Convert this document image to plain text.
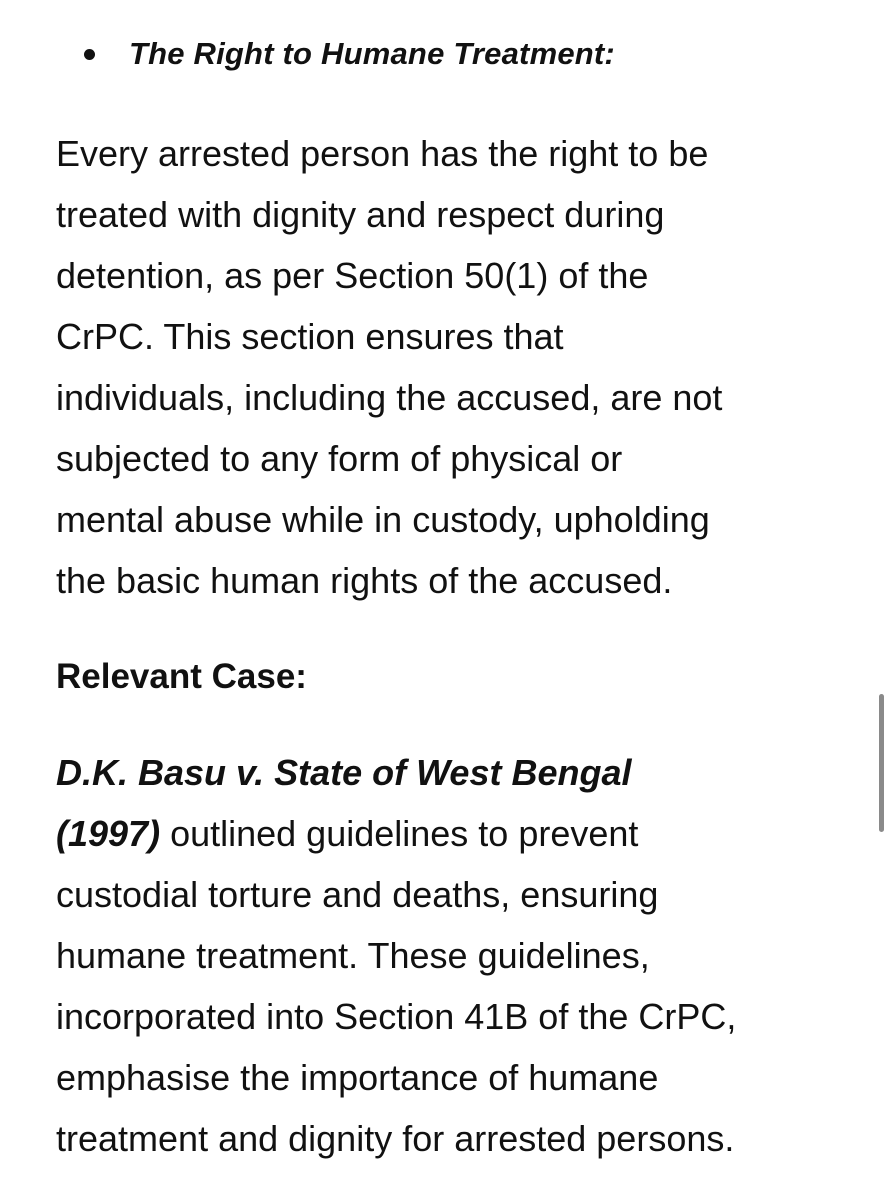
The Right to Humane Treatment:

Every arrested person has the right to be
treated with dignity and respect during
detention, as per Section 50(1) of the
CrPC. This section ensures that
individuals, including the accused, are not
subjected to any form of physical or
mental abuse while in custody, upholding
the basic human rights of the accused.

Relevant Case:

D.K. Basu v. State of West Bengal
(1997) outlined guidelines to prevent
custodial torture and deaths, ensuring
humane treatment. These guidelines,
incorporated into Section 41B of the CrPC,
emphasise the importance of humane
treatment and dignity for arrested persons.
